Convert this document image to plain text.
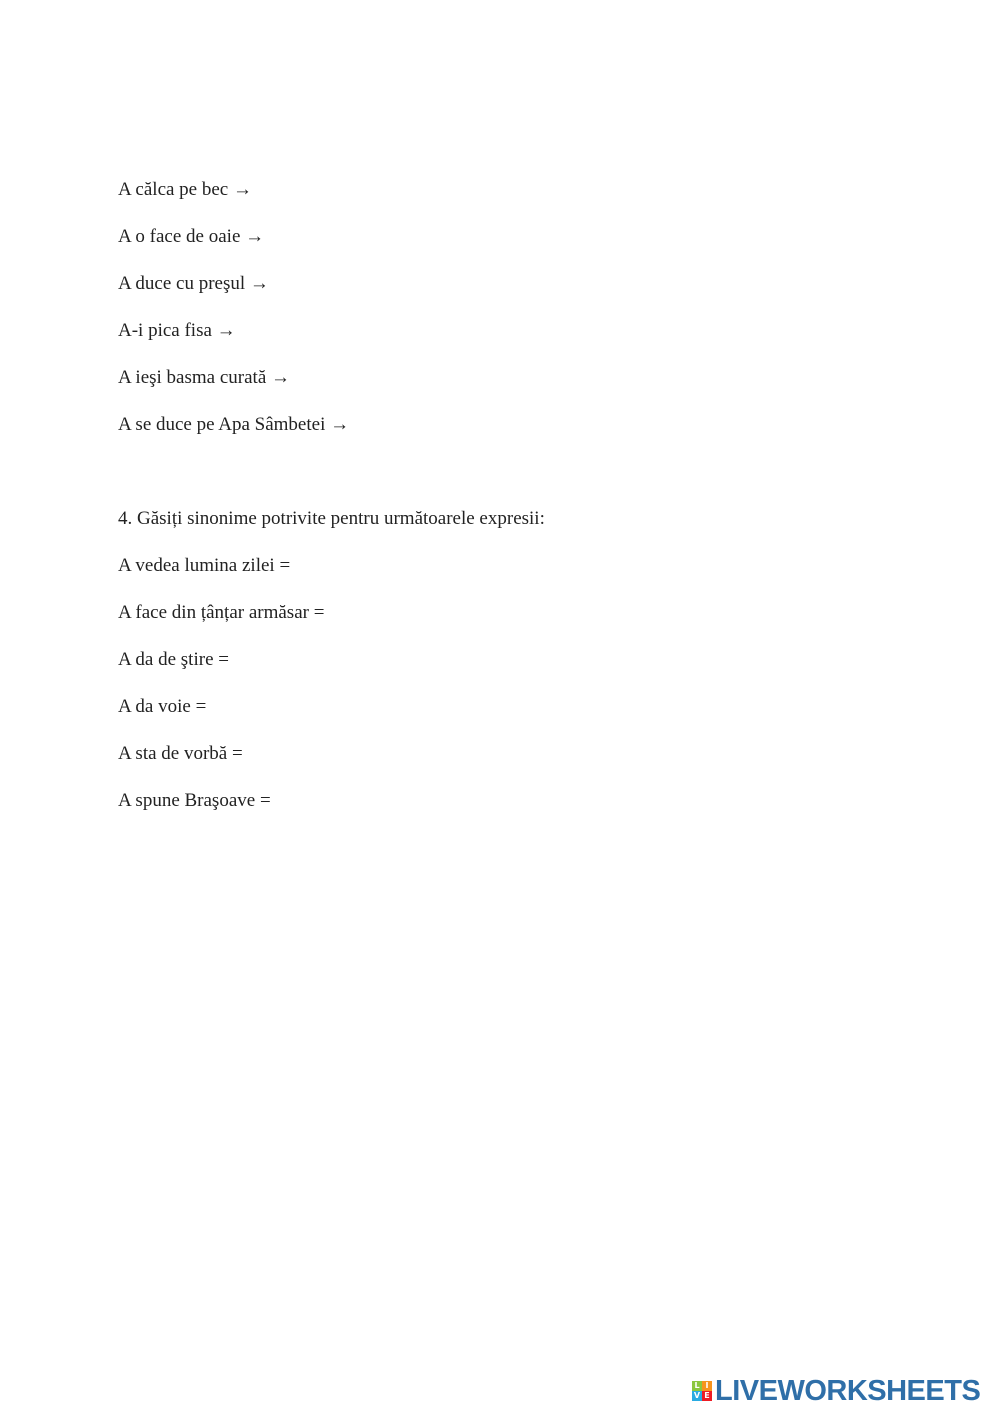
A călca pe bec →
A o face de oaie →
A duce cu preşul →
A-i pica fisa →
A ieşi basma curată →
A se duce pe Apa Sâmbetei →
4. Găsiți sinonime potrivite pentru următoarele expresii:
A vedea lumina zilei =
A face din țânțar armăsar =
A da de ştire =
A da voie =
A sta de vorbă =
A spune Braşoave =
L I
V E LIVEWORKSHEETS
